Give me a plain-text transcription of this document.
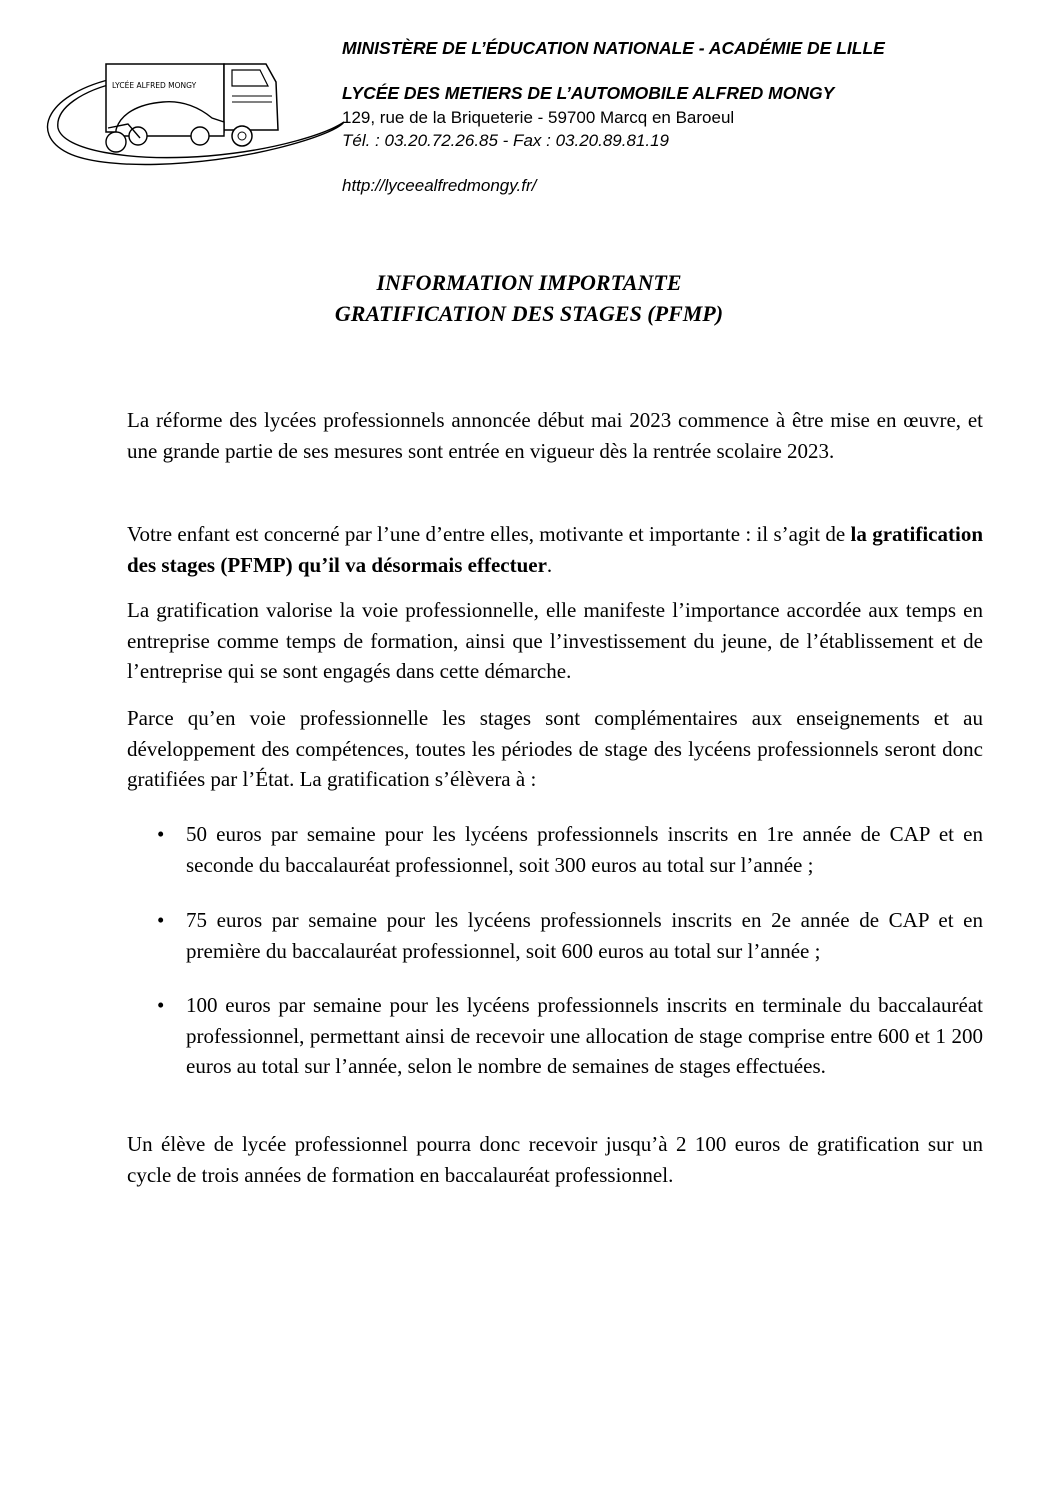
LYCÉE ALFRED MONGY
MINISTÈRE DE L’ÉDUCATION NATIONALE - ACADÉMIE DE LILLE
LYCÉE DES METIERS DE L’AUTOMOBILE ALFRED MONGY
129, rue de la Briqueterie - 59700 Marcq en Baroeul
Tél. : 03.20.72.26.85 - Fax : 03.20.89.81.19
http://lyceealfredmongy.fr/
INFORMATION IMPORTANTE
GRATIFICATION DES STAGES (PFMP)

La réforme des lycées professionnels annoncée début mai 2023 commence à être mise en œuvre, et une grande partie de ses mesures sont entrée en vigueur dès la rentrée scolaire 2023.

Votre enfant est concerné par l’une d’entre elles, motivante et importante : il s’agit de la gratification des stages (PFMP) qu’il va désormais effectuer.

La gratification valorise la voie professionnelle, elle manifeste l’importance accordée aux temps en entreprise comme temps de formation, ainsi que l’investissement du jeune, de l’établissement et de l’entreprise qui se sont engagés dans cette démarche.

Parce qu’en voie professionnelle les stages sont complémentaires aux enseignements et au développement des compétences, toutes les périodes de stage des lycéens professionnels seront donc gratifiées par l’État. La gratification s’élèvera à :

• 50 euros par semaine pour les lycéens professionnels inscrits en 1re année de CAP et en seconde du baccalauréat professionnel, soit 300 euros au total sur l’année ;
• 75 euros par semaine pour les lycéens professionnels inscrits en 2e année de CAP et en première du baccalauréat professionnel, soit 600 euros au total sur l’année ;
• 100 euros par semaine pour les lycéens professionnels inscrits en terminale du baccalauréat professionnel, permettant ainsi de recevoir une allocation de stage comprise entre 600 et 1 200 euros au total sur l’année, selon le nombre de semaines de stages effectuées.

Un élève de lycée professionnel pourra donc recevoir jusqu’à 2 100 euros de gratification sur un cycle de trois années de formation en baccalauréat professionnel.
